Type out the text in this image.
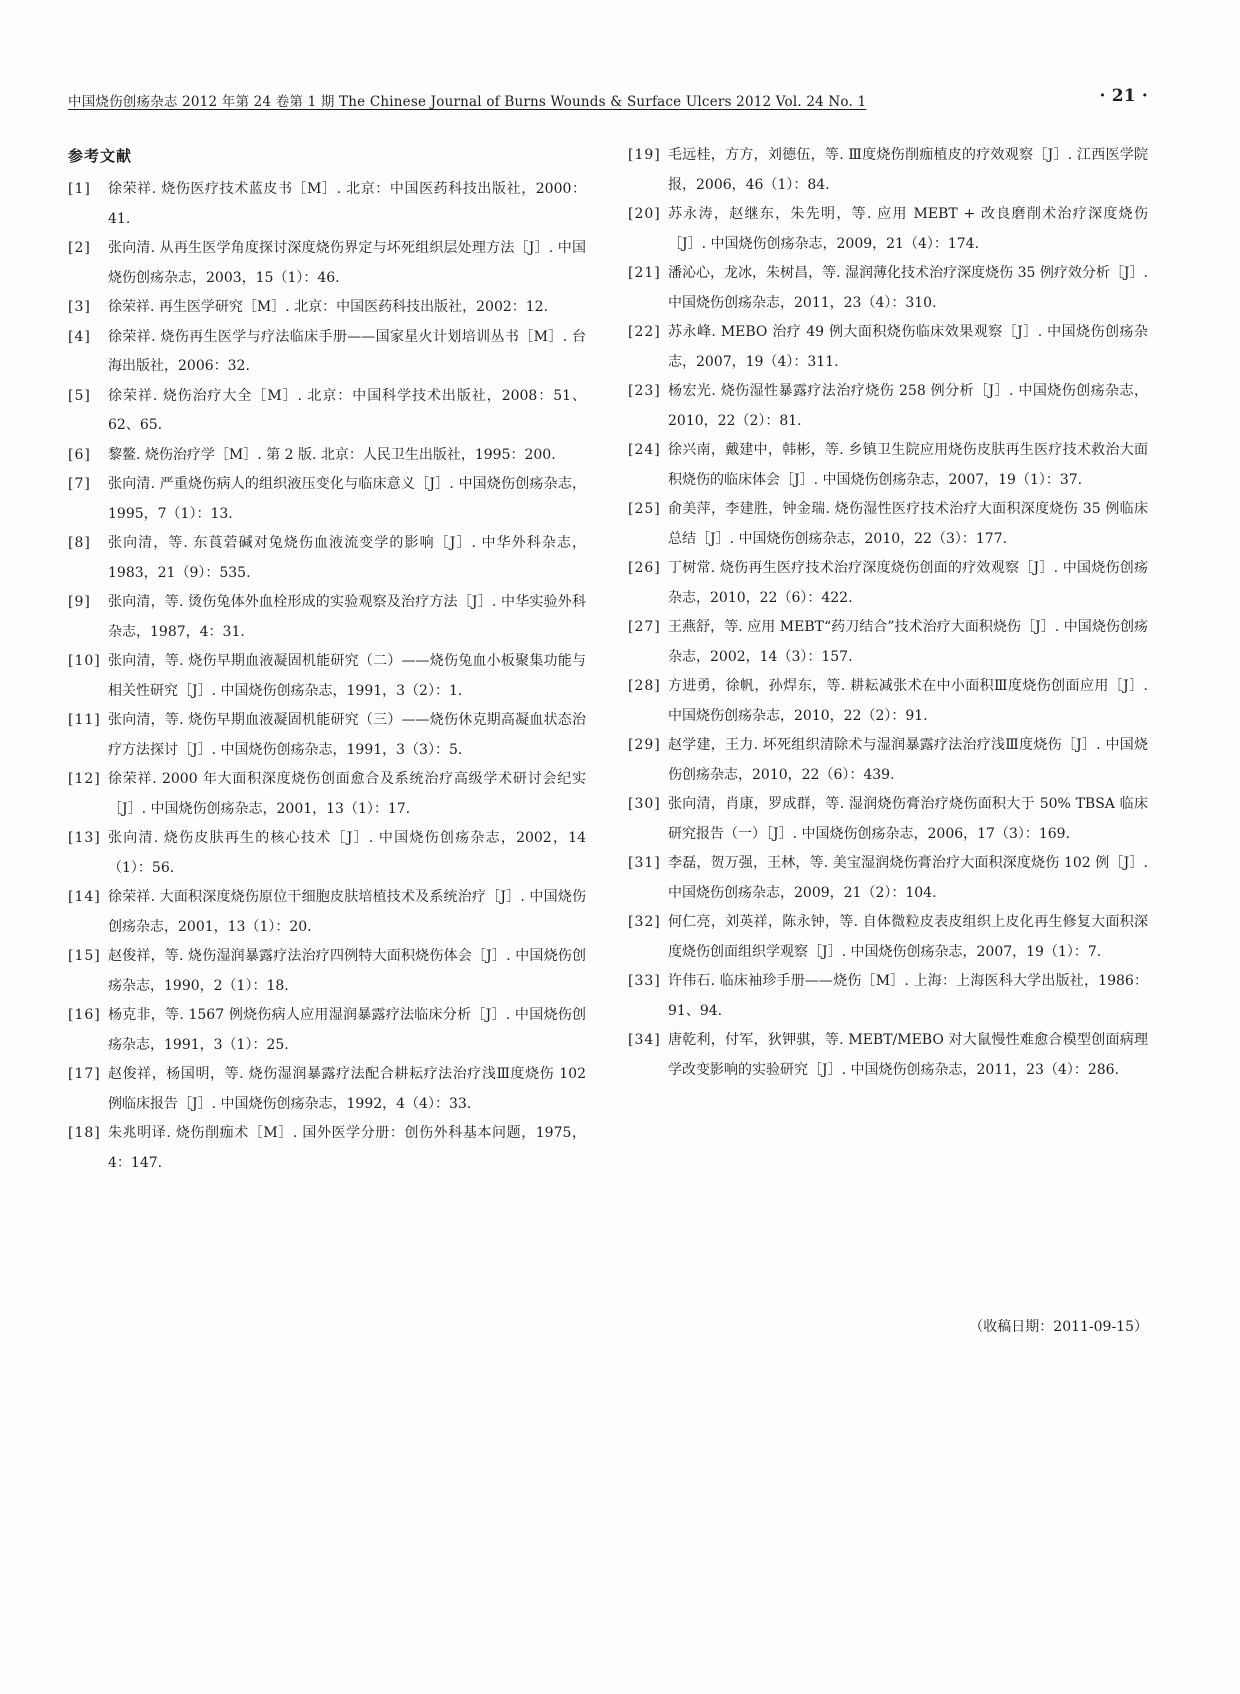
中国烧伤创疡杂志 2012 年第 24 卷第 1 期 The Chinese Journal of Burns Wounds & Surface Ulcers 2012 Vol. 24 No. 1	· 21 ·
参考文献

[1] 徐荣祥. 烧伤医疗技术蓝皮书［M］. 北京：中国医药科技出版社，2000：41.

[2] 张向清. 从再生医学角度探讨深度烧伤界定与坏死组织层处理方法［J］. 中国烧伤创疡杂志，2003，15（1）：46.

[3] 徐荣祥. 再生医学研究［M］. 北京：中国医药科技出版社，2002：12.

[4] 徐荣祥. 烧伤再生医学与疗法临床手册——国家星火计划培训丛书［M］. 台海出版社，2006：32.

[5] 徐荣祥. 烧伤治疗大全［M］. 北京：中国科学技术出版社，2008：51、62、65.

[6] 黎鳌. 烧伤治疗学［M］. 第 2 版. 北京：人民卫生出版社，1995：200.

[7] 张向清. 严重烧伤病人的组织液压变化与临床意义［J］. 中国烧伤创疡杂志，1995，7（1）：13.

[8] 张向清，等. 东莨菪碱对兔烧伤血液流变学的影响［J］. 中华外科杂志，1983，21（9）：535.

[9] 张向清，等. 烫伤兔体外血栓形成的实验观察及治疗方法［J］. 中华实验外科杂志，1987，4：31.

[10] 张向清，等. 烧伤早期血液凝固机能研究（二）——烧伤兔血小板聚集功能与相关性研究［J］. 中国烧伤创疡杂志，1991，3（2）：1.

[11] 张向清，等. 烧伤早期血液凝固机能研究（三）——烧伤休克期高凝血状态治疗方法探讨［J］. 中国烧伤创疡杂志，1991，3（3）：5.

[12] 徐荣祥. 2000 年大面积深度烧伤创面愈合及系统治疗高级学术研讨会纪实［J］. 中国烧伤创疡杂志，2001，13（1）：17.

[13] 张向清. 烧伤皮肤再生的核心技术［J］. 中国烧伤创疡杂志，2002，14（1）：56.

[14] 徐荣祥. 大面积深度烧伤原位干细胞皮肤培植技术及系统治疗［J］. 中国烧伤创疡杂志，2001，13（1）：20.

[15] 赵俊祥，等. 烧伤湿润暴露疗法治疗四例特大面积烧伤体会［J］. 中国烧伤创疡杂志，1990，2（1）：18.

[16] 杨克非，等. 1567 例烧伤病人应用湿润暴露疗法临床分析［J］. 中国烧伤创疡杂志，1991，3（1）：25.

[17] 赵俊祥，杨国明，等. 烧伤湿润暴露疗法配合耕耘疗法治疗浅Ⅲ度烧伤 102 例临床报告［J］. 中国烧伤创疡杂志，1992，4（4）：33.

[18] 朱兆明译. 烧伤削痂术［M］. 国外医学分册：创伤外科基本问题，1975，4：147.

[19] 毛远桂，方方，刘德伍，等. Ⅲ度烧伤削痂植皮的疗效观察［J］. 江西医学院报，2006，46（1）：84.

[20] 苏永涛，赵继东，朱先明，等. 应用 MEBT + 改良磨削术治疗深度烧伤［J］. 中国烧伤创疡杂志，2009，21（4）：174.

[21] 潘沁心，龙冰，朱树昌，等. 湿润薄化技术治疗深度烧伤 35 例疗效分析［J］. 中国烧伤创疡杂志，2011，23（4）：310.

[22] 苏永峰. MEBO 治疗 49 例大面积烧伤临床效果观察［J］. 中国烧伤创疡杂志，2007，19（4）：311.

[23] 杨宏光. 烧伤湿性暴露疗法治疗烧伤 258 例分析［J］. 中国烧伤创疡杂志，2010，22（2）：81.

[24] 徐兴南，戴建中，韩彬，等. 乡镇卫生院应用烧伤皮肤再生医疗技术救治大面积烧伤的临床体会［J］. 中国烧伤创疡杂志，2007，19（1）：37.

[25] 俞美萍，李建胜，钟金瑞. 烧伤湿性医疗技术治疗大面积深度烧伤 35 例临床总结［J］. 中国烧伤创疡杂志，2010，22（3）：177.

[26] 丁树常. 烧伤再生医疗技术治疗深度烧伤创面的疗效观察［J］. 中国烧伤创疡杂志，2010，22（6）：422.

[27] 王燕舒，等. 应用 MEBT“药刀结合”技术治疗大面积烧伤［J］. 中国烧伤创疡杂志，2002，14（3）：157.

[28] 方进勇，徐帆，孙焊东，等. 耕耘减张术在中小面积Ⅲ度烧伤创面应用［J］. 中国烧伤创疡杂志，2010，22（2）：91.

[29] 赵学建，王力. 坏死组织清除术与湿润暴露疗法治疗浅Ⅲ度烧伤［J］. 中国烧伤创疡杂志，2010，22（6）：439.

[30] 张向清，肖康，罗成群，等. 湿润烧伤膏治疗烧伤面积大于 50% TBSA 临床研究报告（一）［J］. 中国烧伤创疡杂志，2006，17（3）：169.

[31] 李磊，贺万强，王林，等. 美宝湿润烧伤膏治疗大面积深度烧伤 102 例［J］. 中国烧伤创疡杂志，2009，21（2）：104.

[32] 何仁亮，刘英祥，陈永钟，等. 自体微粒皮表皮组织上皮化再生修复大面积深度烧伤创面组织学观察［J］. 中国烧伤创疡杂志，2007，19（1）：7.

[33] 许伟石. 临床袖珍手册——烧伤［M］. 上海：上海医科大学出版社，1986：91、94.

[34] 唐乾利，付军，狄钾骐，等. MEBT/MEBO 对大鼠慢性难愈合模型创面病理学改变影响的实验研究［J］. 中国烧伤创疡杂志，2011，23（4）：286.

（收稿日期：2011-09-15）
